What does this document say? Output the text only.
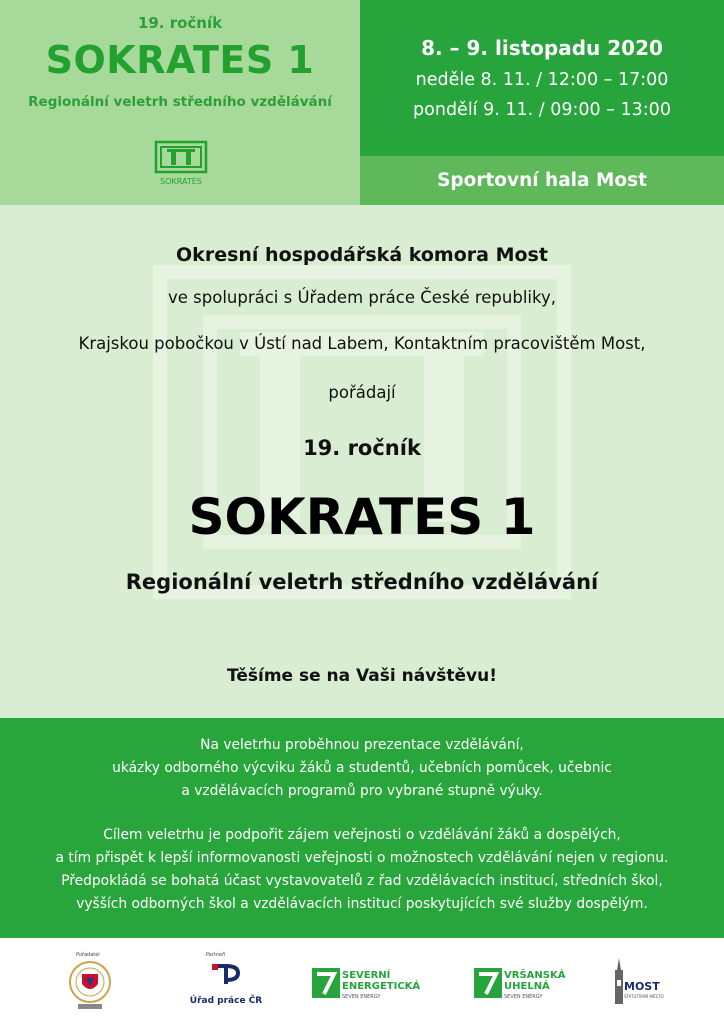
19. ročník
SOKRATES 1
Regionální veletrh středního vzdělávání
SOKRATES
8. – 9. listopadu 2020
neděle 8. 11. / 12:00 – 17:00
pondělí 9. 11. / 09:00 – 13:00
Sportovní hala Most
Okresní hospodářská komora Most
ve spolupráci s Úřadem práce České republiky,
Krajskou pobočkou v Ústí nad Labem, Kontaktním pracovištěm Most,
pořádají
19. ročník
SOKRATES 1
Regionální veletrh středního vzdělávání
Těšíme se na Vaši návštěvu!
Na veletrhu proběhnou prezentace vzdělávání,
ukázky odborného výcviku žáků a studentů, učebních pomůcek, učebnic
a vzdělávacích programů pro vybrané stupně výuky.
Cílem veletrhu je podpořit zájem veřejnosti o vzdělávání žáků a dospělých,
a tím přispět k lepší informovanosti veřejnosti o možnostech vzdělávání nejen v regionu.
Předpokládá se bohatá účast vystavovatelů z řad vzdělávacích institucí, středních škol,
vyšších odborných škol a vzdělávacích institucí poskytujících své služby dospělým.
Pořadatel	Partneři
Úřad práce ČR
SEVERNÍ
ENERGETICKÁ
SEVEN ENERGY
VRŠANSKÁ
UHELNÁ
SEVEN ENERGY
MOST
STATUTÁRNÍ MĚSTO
